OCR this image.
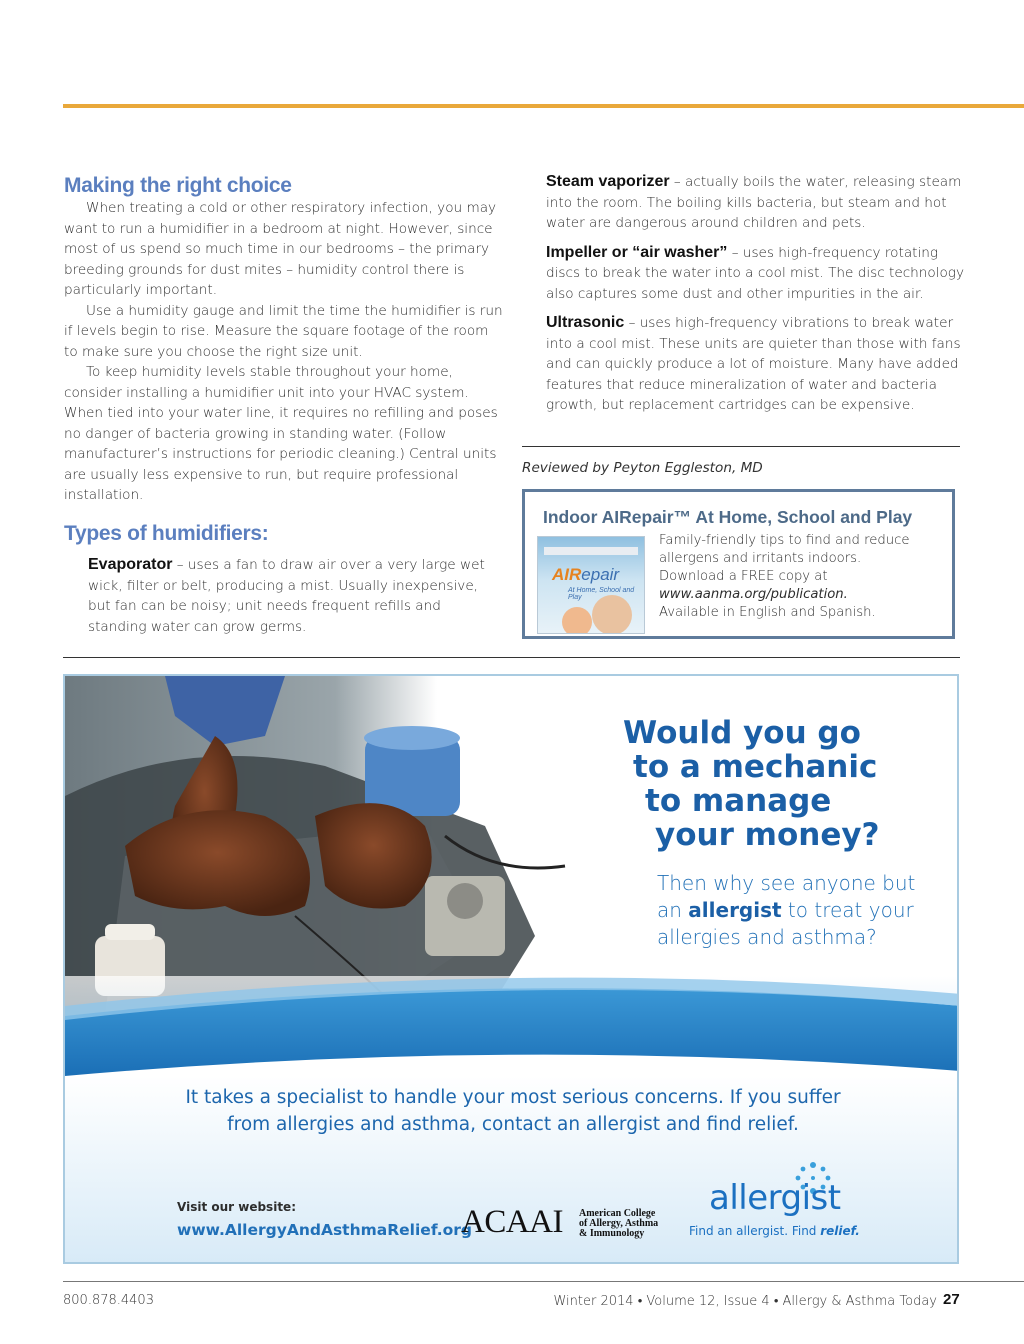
Making the right choice

When treating a cold or other respiratory infection, you may want to run a humidifier in a bedroom at night. However, since most of us spend so much time in our bedrooms – the primary breeding grounds for dust mites – humidity control there is particularly important.

Use a humidity gauge and limit the time the humidifier is run if levels begin to rise. Measure the square footage of the room to make sure you choose the right size unit.

To keep humidity levels stable throughout your home, consider installing a humidifier unit into your HVAC system. When tied into your water line, it requires no refilling and poses no danger of bacteria growing in standing water. (Follow manufacturer’s instructions for periodic cleaning.) Central units are usually less expensive to run, but require professional installation.

Types of humidifiers:

Evaporator – uses a fan to draw air over a very large wet wick, filter or belt, producing a mist. Usually inexpensive, but fan can be noisy; unit needs frequent refills and standing water can grow germs.

Steam vaporizer – actually boils the water, releasing steam into the room. The boiling kills bacteria, but steam and hot water are dangerous around children and pets.

Impeller or “air washer” – uses high-frequency rotating discs to break the water into a cool mist. The disc technology also captures some dust and other impurities in the air.

Ultrasonic – uses high-frequency vibrations to break water into a cool mist. These units are quieter than those with fans and can quickly produce a lot of moisture. Many have added features that reduce mineralization of water and bacteria growth, but replacement cartridges can be expensive.

Reviewed by Peyton Eggleston, MD
Indoor AIRepair™ At Home, School and Play
AIRepair
At Home, School and Play
Family-friendly tips to find and reduce allergens and irritants indoors.
Download a FREE copy at
www.aanma.org/publication.
Available in English and Spanish.
Would you go
to a mechanic
to manage
your money?
Then why see anyone but
an allergist to treat your
allergies and asthma?
It takes a specialist to handle your most serious concerns. If you suffer
from allergies and asthma, contact an allergist and find relief.
Visit our website:
www.AllergyAndAsthmaRelief.org
ACAAI American College
of Allergy, Asthma
& Immunology
allergist
Find an allergist. Find relief.
800.878.4403	Winter 2014 • Volume 12, Issue 4 • Allergy & Asthma Today 27
